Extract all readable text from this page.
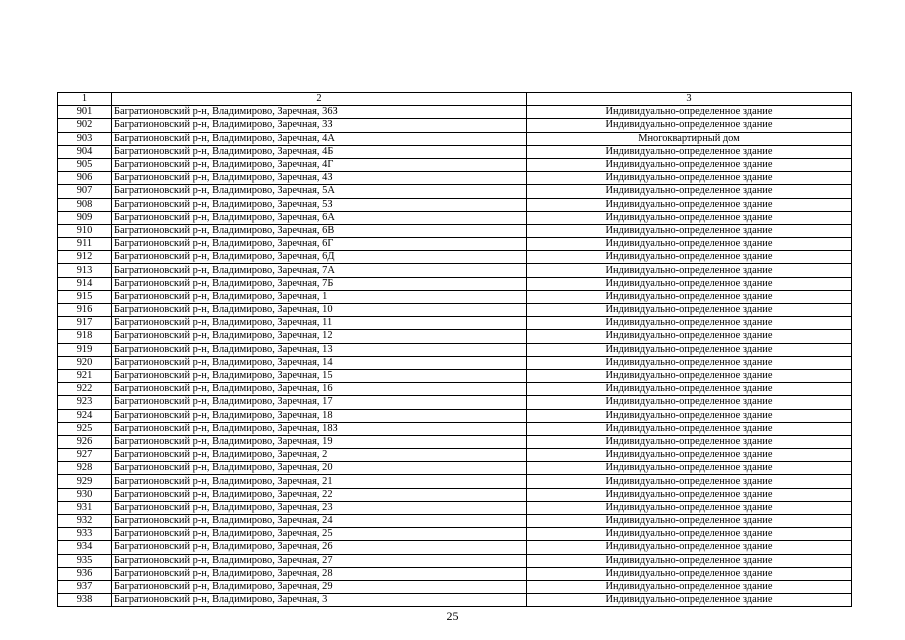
1	2	3
901	Багратионовский р-н, Владимирово, Заречная, 36З	Индивидуально-определенное здание
902	Багратионовский р-н, Владимирово, Заречная, 3З	Индивидуально-определенное здание
903	Багратионовский р-н, Владимирово, Заречная, 4А	Многоквартирный дом
904	Багратионовский р-н, Владимирово, Заречная, 4Б	Индивидуально-определенное здание
905	Багратионовский р-н, Владимирово, Заречная, 4Г	Индивидуально-определенное здание
906	Багратионовский р-н, Владимирово, Заречная, 4З	Индивидуально-определенное здание
907	Багратионовский р-н, Владимирово, Заречная, 5А	Индивидуально-определенное здание
908	Багратионовский р-н, Владимирово, Заречная, 5З	Индивидуально-определенное здание
909	Багратионовский р-н, Владимирово, Заречная, 6А	Индивидуально-определенное здание
910	Багратионовский р-н, Владимирово, Заречная, 6В	Индивидуально-определенное здание
911	Багратионовский р-н, Владимирово, Заречная, 6Г	Индивидуально-определенное здание
912	Багратионовский р-н, Владимирово, Заречная, 6Д	Индивидуально-определенное здание
913	Багратионовский р-н, Владимирово, Заречная, 7А	Индивидуально-определенное здание
914	Багратионовский р-н, Владимирово, Заречная, 7Б	Индивидуально-определенное здание
915	Багратионовский р-н, Владимирово, Заречная, 1	Индивидуально-определенное здание
916	Багратионовский р-н, Владимирово, Заречная, 10	Индивидуально-определенное здание
917	Багратионовский р-н, Владимирово, Заречная, 11	Индивидуально-определенное здание
918	Багратионовский р-н, Владимирово, Заречная, 12	Индивидуально-определенное здание
919	Багратионовский р-н, Владимирово, Заречная, 13	Индивидуально-определенное здание
920	Багратионовский р-н, Владимирово, Заречная, 14	Индивидуально-определенное здание
921	Багратионовский р-н, Владимирово, Заречная, 15	Индивидуально-определенное здание
922	Багратионовский р-н, Владимирово, Заречная, 16	Индивидуально-определенное здание
923	Багратионовский р-н, Владимирово, Заречная, 17	Индивидуально-определенное здание
924	Багратионовский р-н, Владимирово, Заречная, 18	Индивидуально-определенное здание
925	Багратионовский р-н, Владимирово, Заречная, 18З	Индивидуально-определенное здание
926	Багратионовский р-н, Владимирово, Заречная, 19	Индивидуально-определенное здание
927	Багратионовский р-н, Владимирово, Заречная, 2	Индивидуально-определенное здание
928	Багратионовский р-н, Владимирово, Заречная, 20	Индивидуально-определенное здание
929	Багратионовский р-н, Владимирово, Заречная, 21	Индивидуально-определенное здание
930	Багратионовский р-н, Владимирово, Заречная, 22	Индивидуально-определенное здание
931	Багратионовский р-н, Владимирово, Заречная, 23	Индивидуально-определенное здание
932	Багратионовский р-н, Владимирово, Заречная, 24	Индивидуально-определенное здание
933	Багратионовский р-н, Владимирово, Заречная, 25	Индивидуально-определенное здание
934	Багратионовский р-н, Владимирово, Заречная, 26	Индивидуально-определенное здание
935	Багратионовский р-н, Владимирово, Заречная, 27	Индивидуально-определенное здание
936	Багратионовский р-н, Владимирово, Заречная, 28	Индивидуально-определенное здание
937	Багратионовский р-н, Владимирово, Заречная, 29	Индивидуально-определенное здание
938	Багратионовский р-н, Владимирово, Заречная, 3	Индивидуально-определенное здание
25
